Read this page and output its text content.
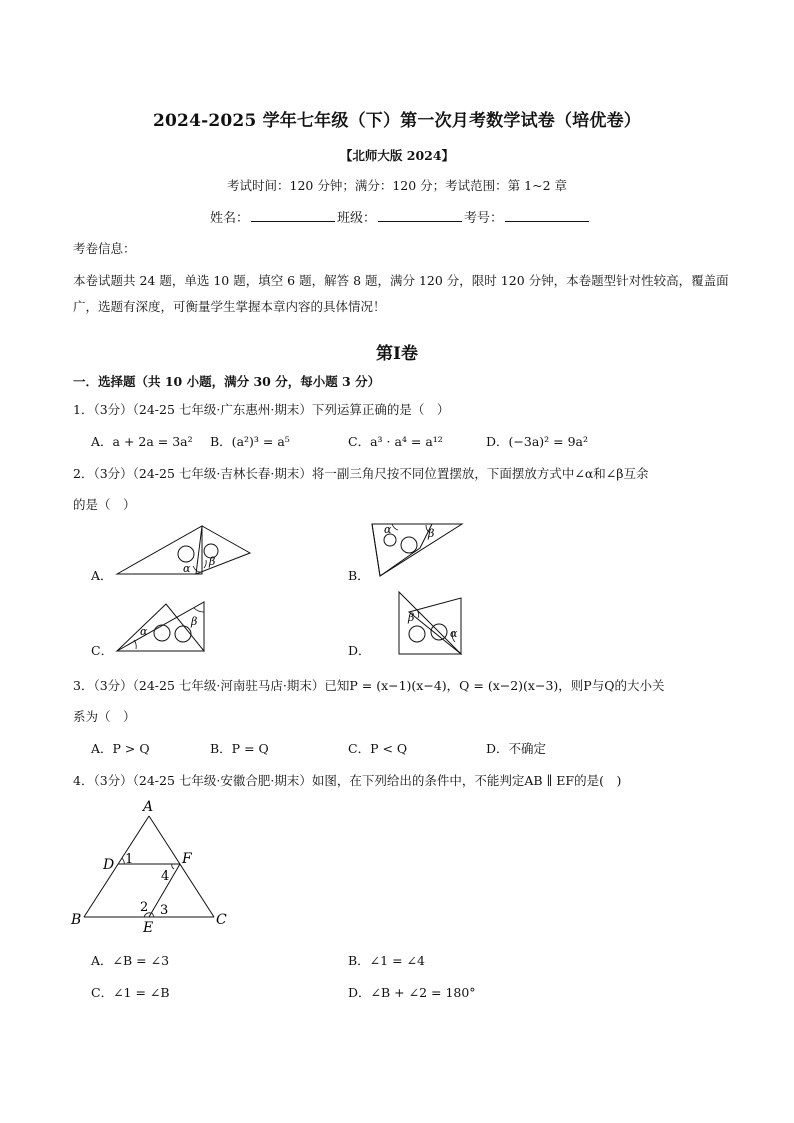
2024-2025 学年七年级（下）第一次月考数学试卷（培优卷）
【北师大版 2024】
考试时间：120 分钟；满分：120 分；考试范围：第 1~2 章
姓名：	班级：	考号：
考卷信息：
本卷试题共 24 题，单选 10 题，填空 6 题，解答 8 题，满分 120 分，限时 120 分钟，本卷题型针对性较高，覆盖面广，选题有深度，可衡量学生掌握本章内容的具体情况！
第Ⅰ卷
一．选择题（共 10 小题，满分 30 分，每小题 3 分）
1．（3分）（24-25 七年级·广东惠州·期末）下列运算正确的是（　）
A．a + 2a = 3a² B．(a²)³ = a⁵	C．a³ · a⁴ = a¹²	D．(−3a)² = 9a²
2．（3分）（24-25 七年级·吉林长春·期末）将一副三角尺按不同位置摆放，下面摆放方式中∠α和∠β互余
的是（　）
A．	B．
C．	D．
α
β
α	β
α
β	β
α
3．（3分）（24-25 七年级·河南驻马店·期末）已知P = (x−1)(x−4)，Q = (x−2)(x−3)，则P与Q的大小关
系为（　）
A．P > Q	B．P = Q	C．P < Q	D．不确定
4．（3分）（24-25 七年级·安徽合肥·期末）如图，在下列给出的条件中，不能判定AB ∥ EF的是(　)
A
B	C
D
E
F
1
4
2 3
A．∠B = ∠3	B．∠1 = ∠4
C．∠1 = ∠B	D．∠B + ∠2 = 180°
